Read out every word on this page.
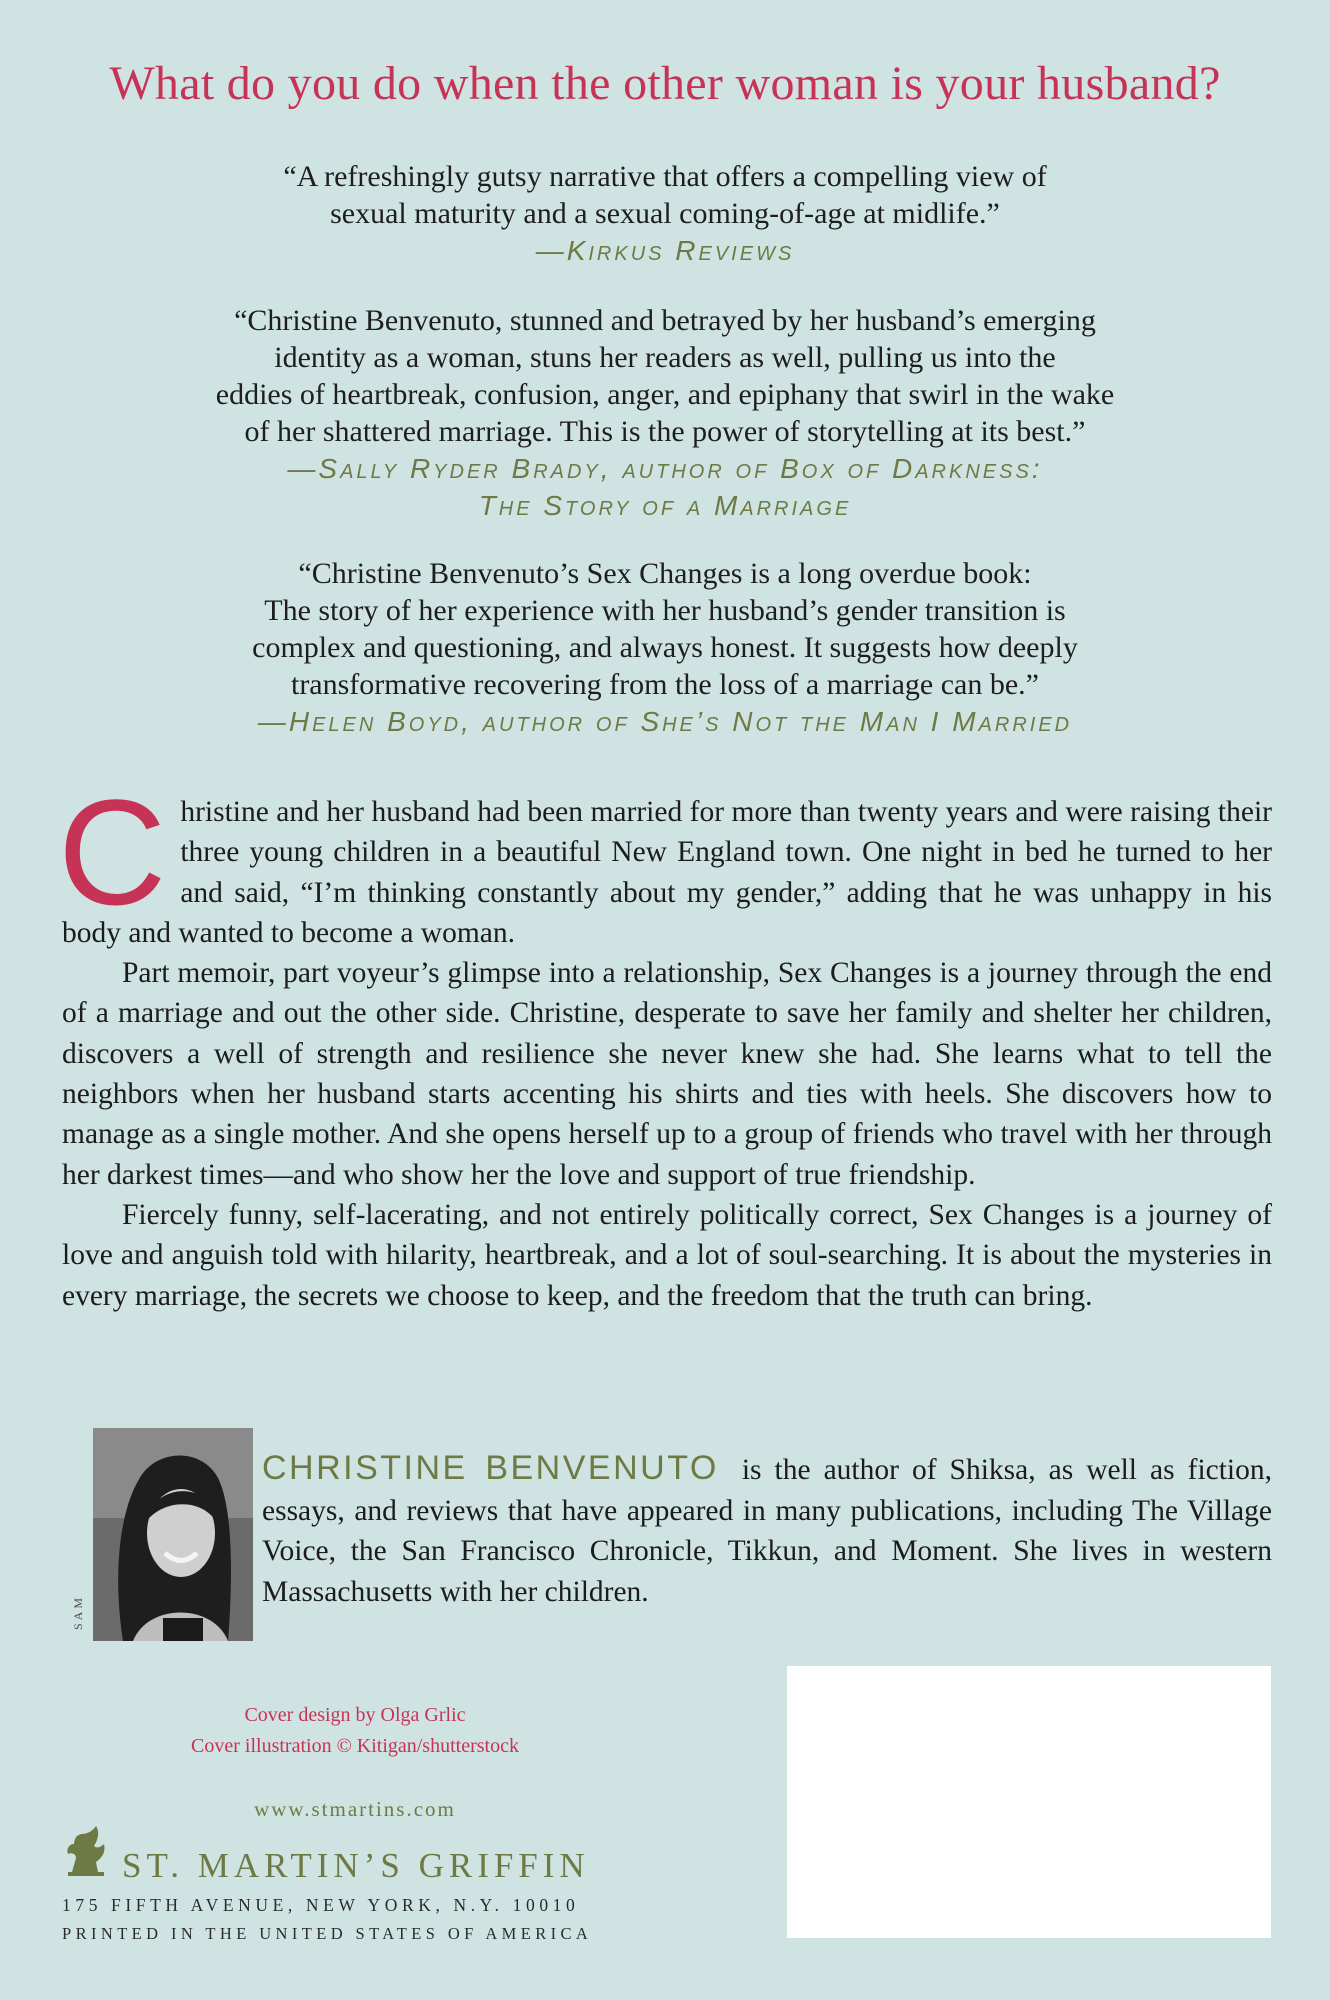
What do you do when the other woman is your husband?
“A refreshingly gutsy narrative that offers a compelling view of
sexual maturity and a sexual coming-of-age at midlife.”
—Kirkus Reviews
“Christine Benvenuto, stunned and betrayed by her husband’s emerging
identity as a woman, stuns her readers as well, pulling us into the
eddies of heartbreak, confusion, anger, and epiphany that swirl in the wake
of her shattered marriage. This is the power of storytelling at its best.”
—Sally Ryder Brady, author of Box of Darkness:
The Story of a Marriage
“Christine Benvenuto’s Sex Changes is a long overdue book:
The story of her experience with her husband’s gender transition is
complex and questioning, and always honest. It suggests how deeply
transformative recovering from the loss of a marriage can be.”
—Helen Boyd, author of She’s Not the Man I Married

Christine and her husband had been married for more than twenty years and were raising their three young children in a beautiful New England town. One night in bed he turned to her and said, “I’m thinking constantly about my gender,” adding that he was unhappy in his body and wanted to become a woman.

Part memoir, part voyeur’s glimpse into a relationship, Sex Changes is a journey through the end of a marriage and out the other side. Christine, desperate to save her family and shelter her children, discovers a well of strength and resilience she never knew she had. She learns what to tell the neighbors when her husband starts accenting his shirts and ties with heels. She discovers how to manage as a single mother. And she opens herself up to a group of friends who travel with her through her darkest times—and who show her the love and support of true friendship.

Fiercely funny, self-lacerating, and not entirely politically correct, Sex Changes is a journey of love and anguish told with hilarity, heartbreak, and a lot of soul-searching. It is about the mysteries in every marriage, the secrets we choose to keep, and the freedom that the truth can bring.

SAM
CHRISTINE BENVENUTO is the author of Shiksa, as well as fiction, essays, and reviews that have appeared in many publications, including The Village Voice, the San Francisco Chronicle, Tikkun, and Moment. She lives in western Massachusetts with her children.
Cover design by Olga Grlic
Cover illustration © Kitigan/shutterstock
www.stmartins.com
ST. MARTIN’S GRIFFIN
175 FIFTH AVENUE, NEW YORK, N.Y. 10010
PRINTED IN THE UNITED STATES OF AMERICA
